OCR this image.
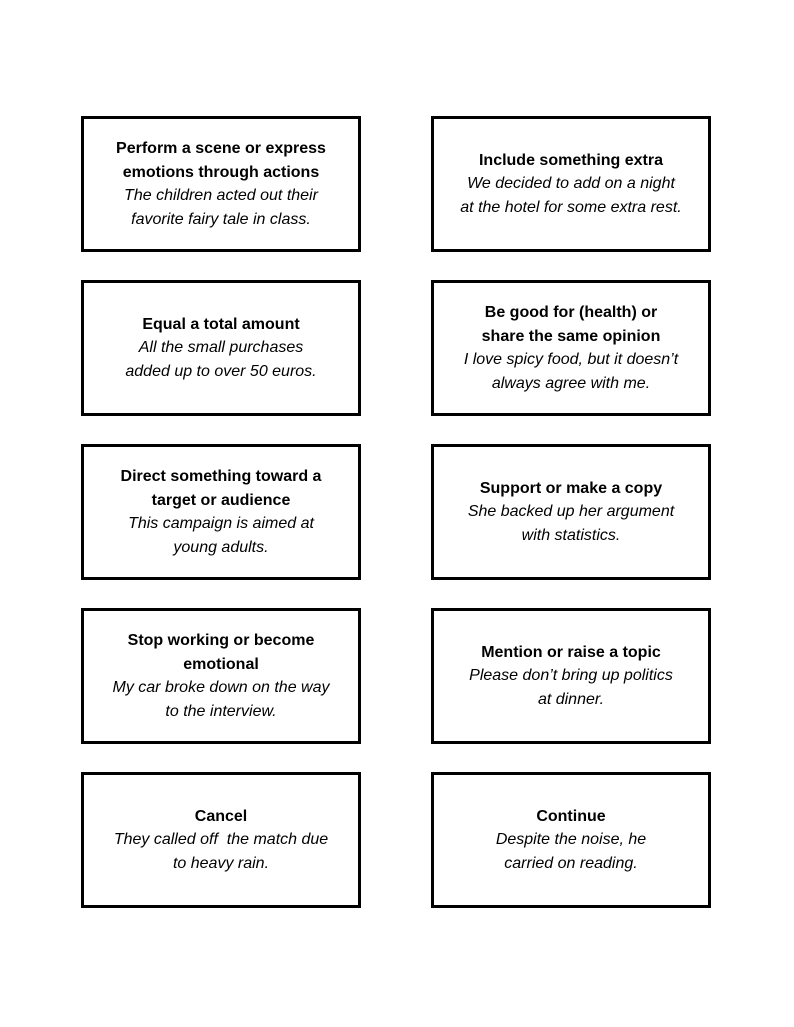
Perform a scene or express
emotions through actions
The children acted out their
favorite fairy tale in class.
Include something extra
We decided to add on a night
at the hotel for some extra rest.
Equal a total amount
All the small purchases
added up to over 50 euros.
Be good for (health) or
share the same opinion
I love spicy food, but it doesn’t
always agree with me.
Direct something toward a
target or audience
This campaign is aimed at
young adults.
Support or make a copy
She backed up her argument
with statistics.
Stop working or become
emotional
My car broke down on the way
to the interview.
Mention or raise a topic
Please don’t bring up politics
at dinner.
Cancel
They called off  the match due
to heavy rain.
Continue
Despite the noise, he
carried on reading.
